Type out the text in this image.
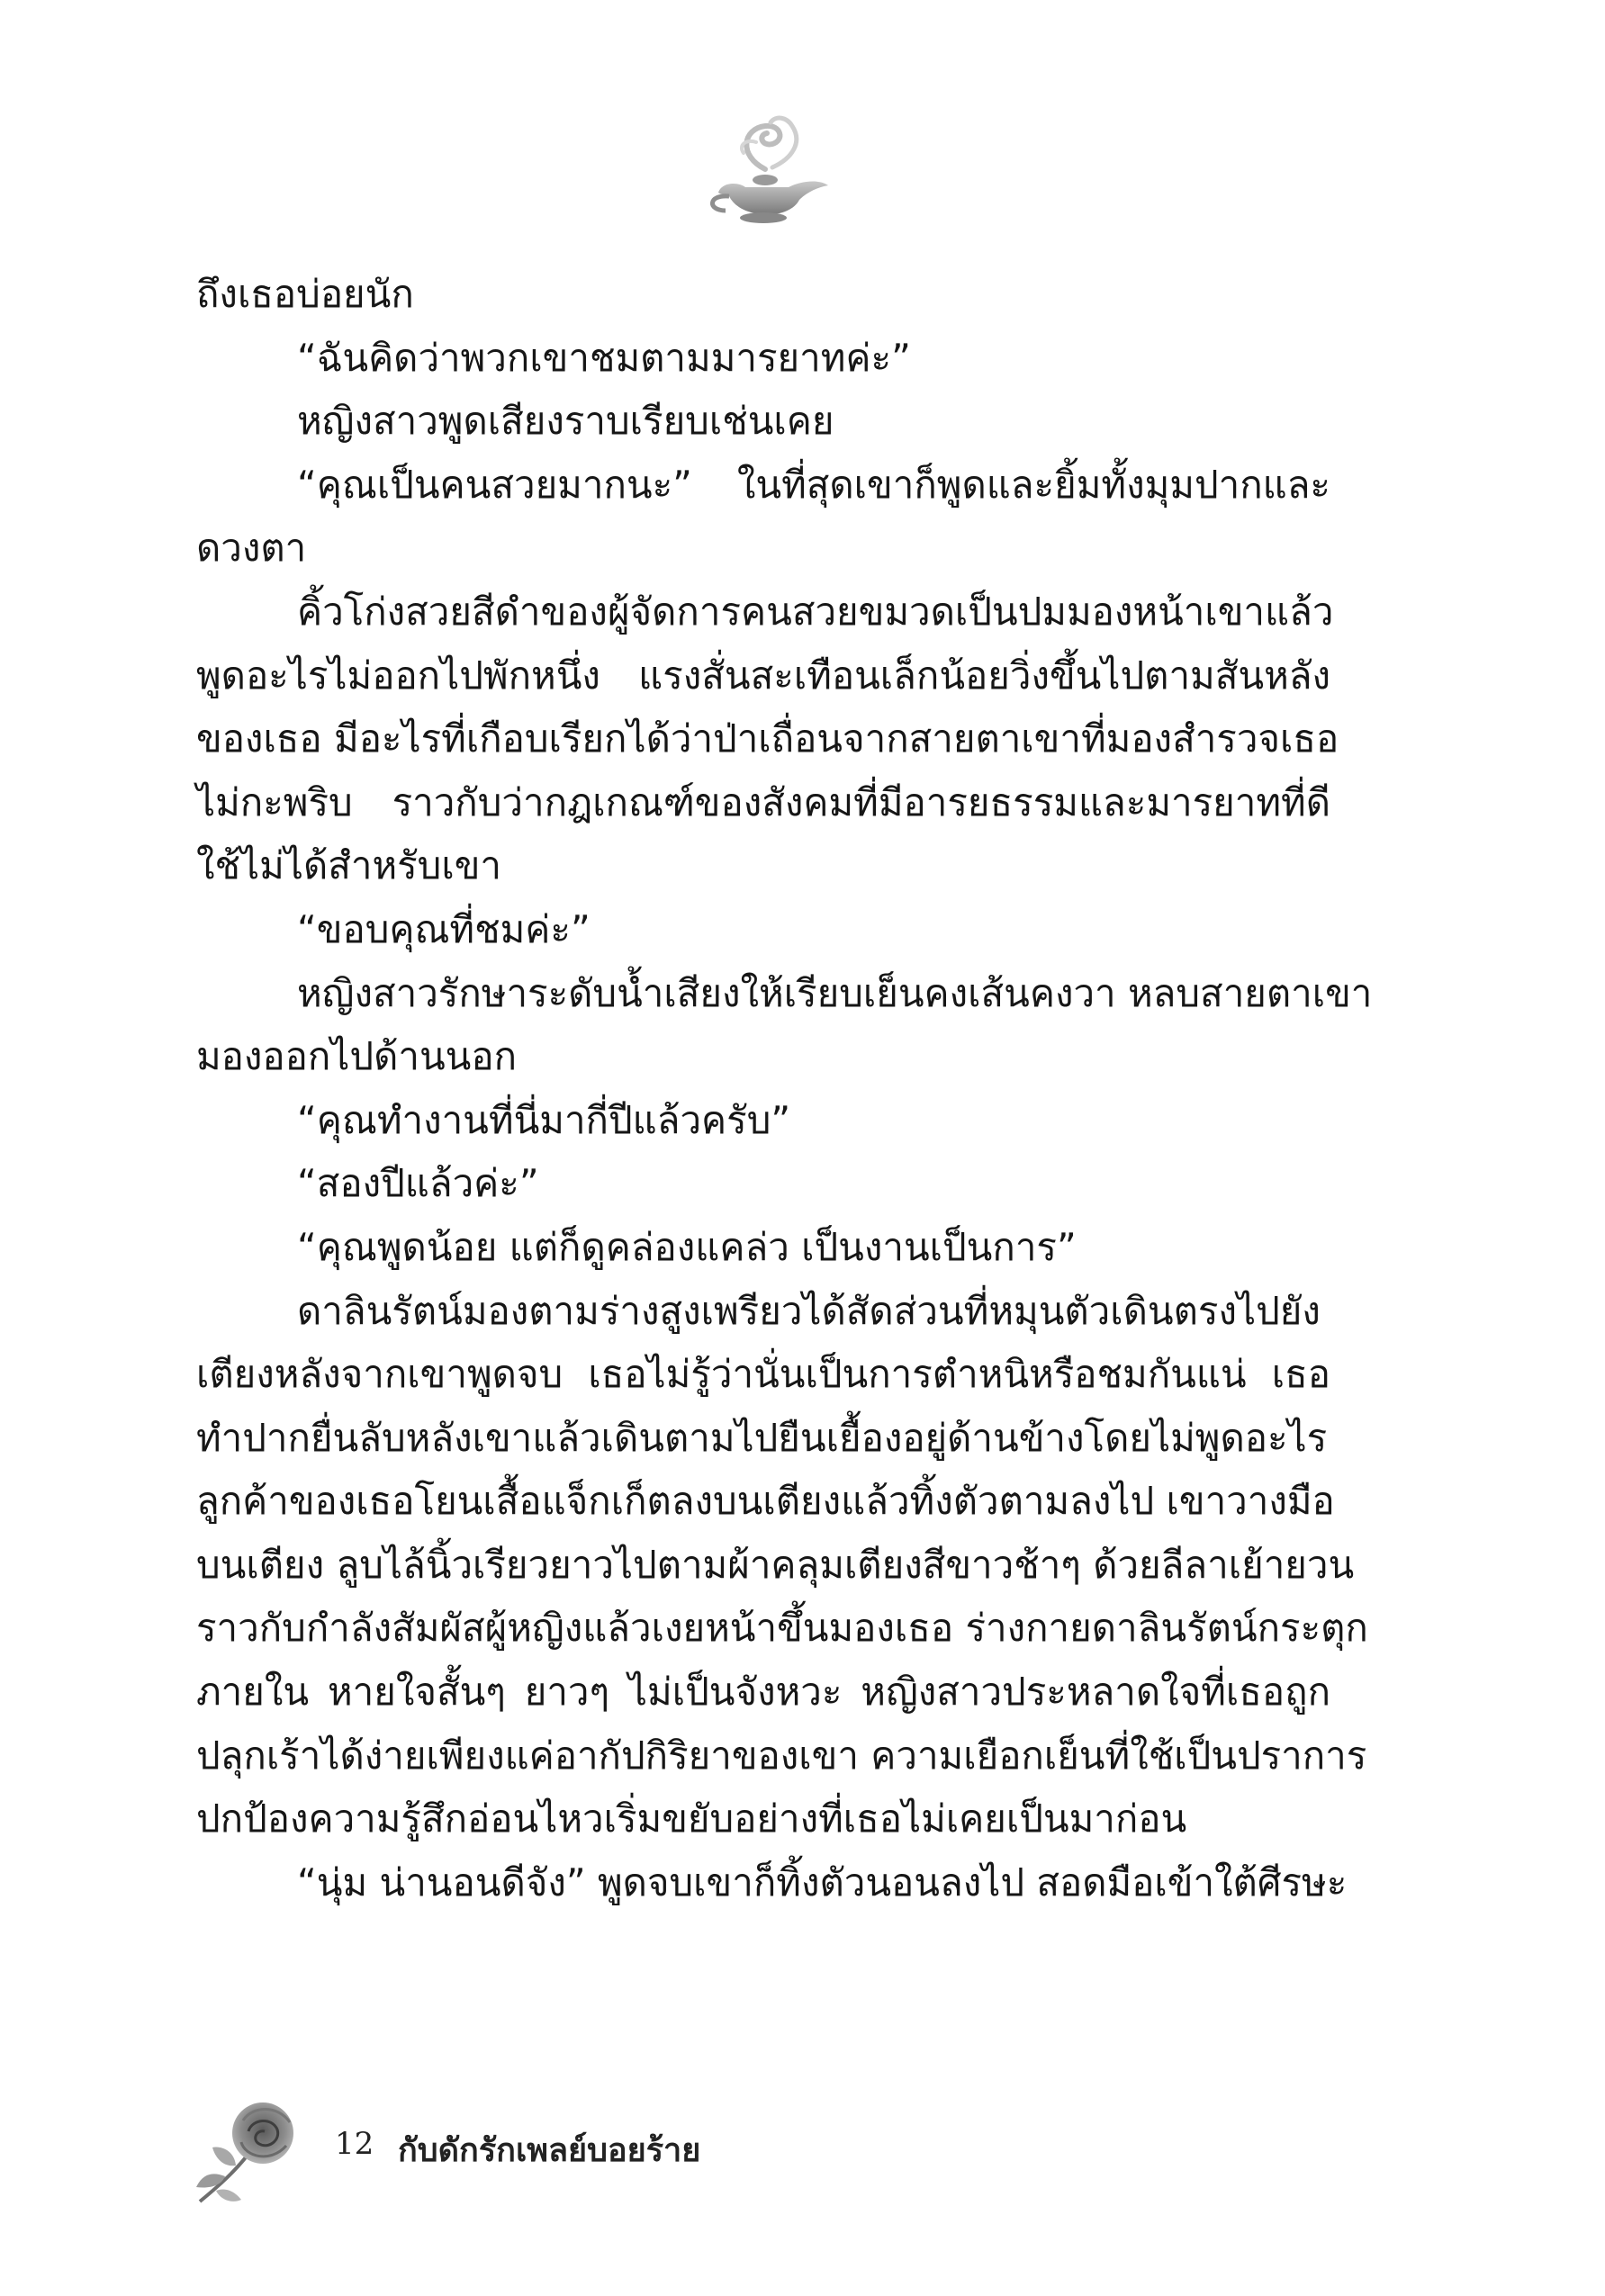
ถึงเธอบ่อยนัก
“ฉันคิดว่าพวกเขาชมตามมารยาทค่ะ”
หญิงสาวพูดเสียงราบเรียบเช่นเคย
“คุณเป็นคนสวยมากนะ” ในที่สุดเขาก็พูดและยิ้มทั้งมุมปากและ
ดวงตา
คิ้วโก่งสวยสีดำของผู้จัดการคนสวยขมวดเป็นปมมองหน้าเขาแล้ว
พูดอะไรไม่ออกไปพักหนึ่ง แรงสั่นสะเทือนเล็กน้อยวิ่งขึ้นไปตามสันหลัง
ของเธอ มีอะไรที่เกือบเรียกได้ว่าป่าเถื่อนจากสายตาเขาที่มองสำรวจเธอ
ไม่กะพริบ ราวกับว่ากฎเกณฑ์ของสังคมที่มีอารยธรรมและมารยาทที่ดี
ใช้ไม่ได้สำหรับเขา
“ขอบคุณที่ชมค่ะ”
หญิงสาวรักษาระดับน้ำเสียงให้เรียบเย็นคงเส้นคงวา หลบสายตาเขา
มองออกไปด้านนอก
“คุณทำงานที่นี่มากี่ปีแล้วครับ”
“สองปีแล้วค่ะ”
“คุณพูดน้อย แต่ก็ดูคล่องแคล่ว เป็นงานเป็นการ”
ดาลินรัตน์มองตามร่างสูงเพรียวได้สัดส่วนที่หมุนตัวเดินตรงไปยัง
เตียงหลังจากเขาพูดจบ เธอไม่รู้ว่านั่นเป็นการตำหนิหรือชมกันแน่ เธอ
ทำปากยื่นลับหลังเขาแล้วเดินตามไปยืนเยื้องอยู่ด้านข้างโดยไม่พูดอะไร
ลูกค้าของเธอโยนเสื้อแจ็กเก็ตลงบนเตียงแล้วทิ้งตัวตามลงไป เขาวางมือ
บนเตียง ลูบไล้นิ้วเรียวยาวไปตามผ้าคลุมเตียงสีขาวช้าๆ ด้วยลีลาเย้ายวน
ราวกับกำลังสัมผัสผู้หญิงแล้วเงยหน้าขึ้นมองเธอ ร่างกายดาลินรัตน์กระตุก
ภายใน หายใจสั้นๆ ยาวๆ ไม่เป็นจังหวะ หญิงสาวประหลาดใจที่เธอถูก
ปลุกเร้าได้ง่ายเพียงแค่อากัปกิริยาของเขา ความเยือกเย็นที่ใช้เป็นปราการ
ปกป้องความรู้สึกอ่อนไหวเริ่มขยับอย่างที่เธอไม่เคยเป็นมาก่อน
“นุ่ม น่านอนดีจัง” พูดจบเขาก็ทิ้งตัวนอนลงไป สอดมือเข้าใต้ศีรษะ
12 กับดักรักเพลย์บอยร้าย
